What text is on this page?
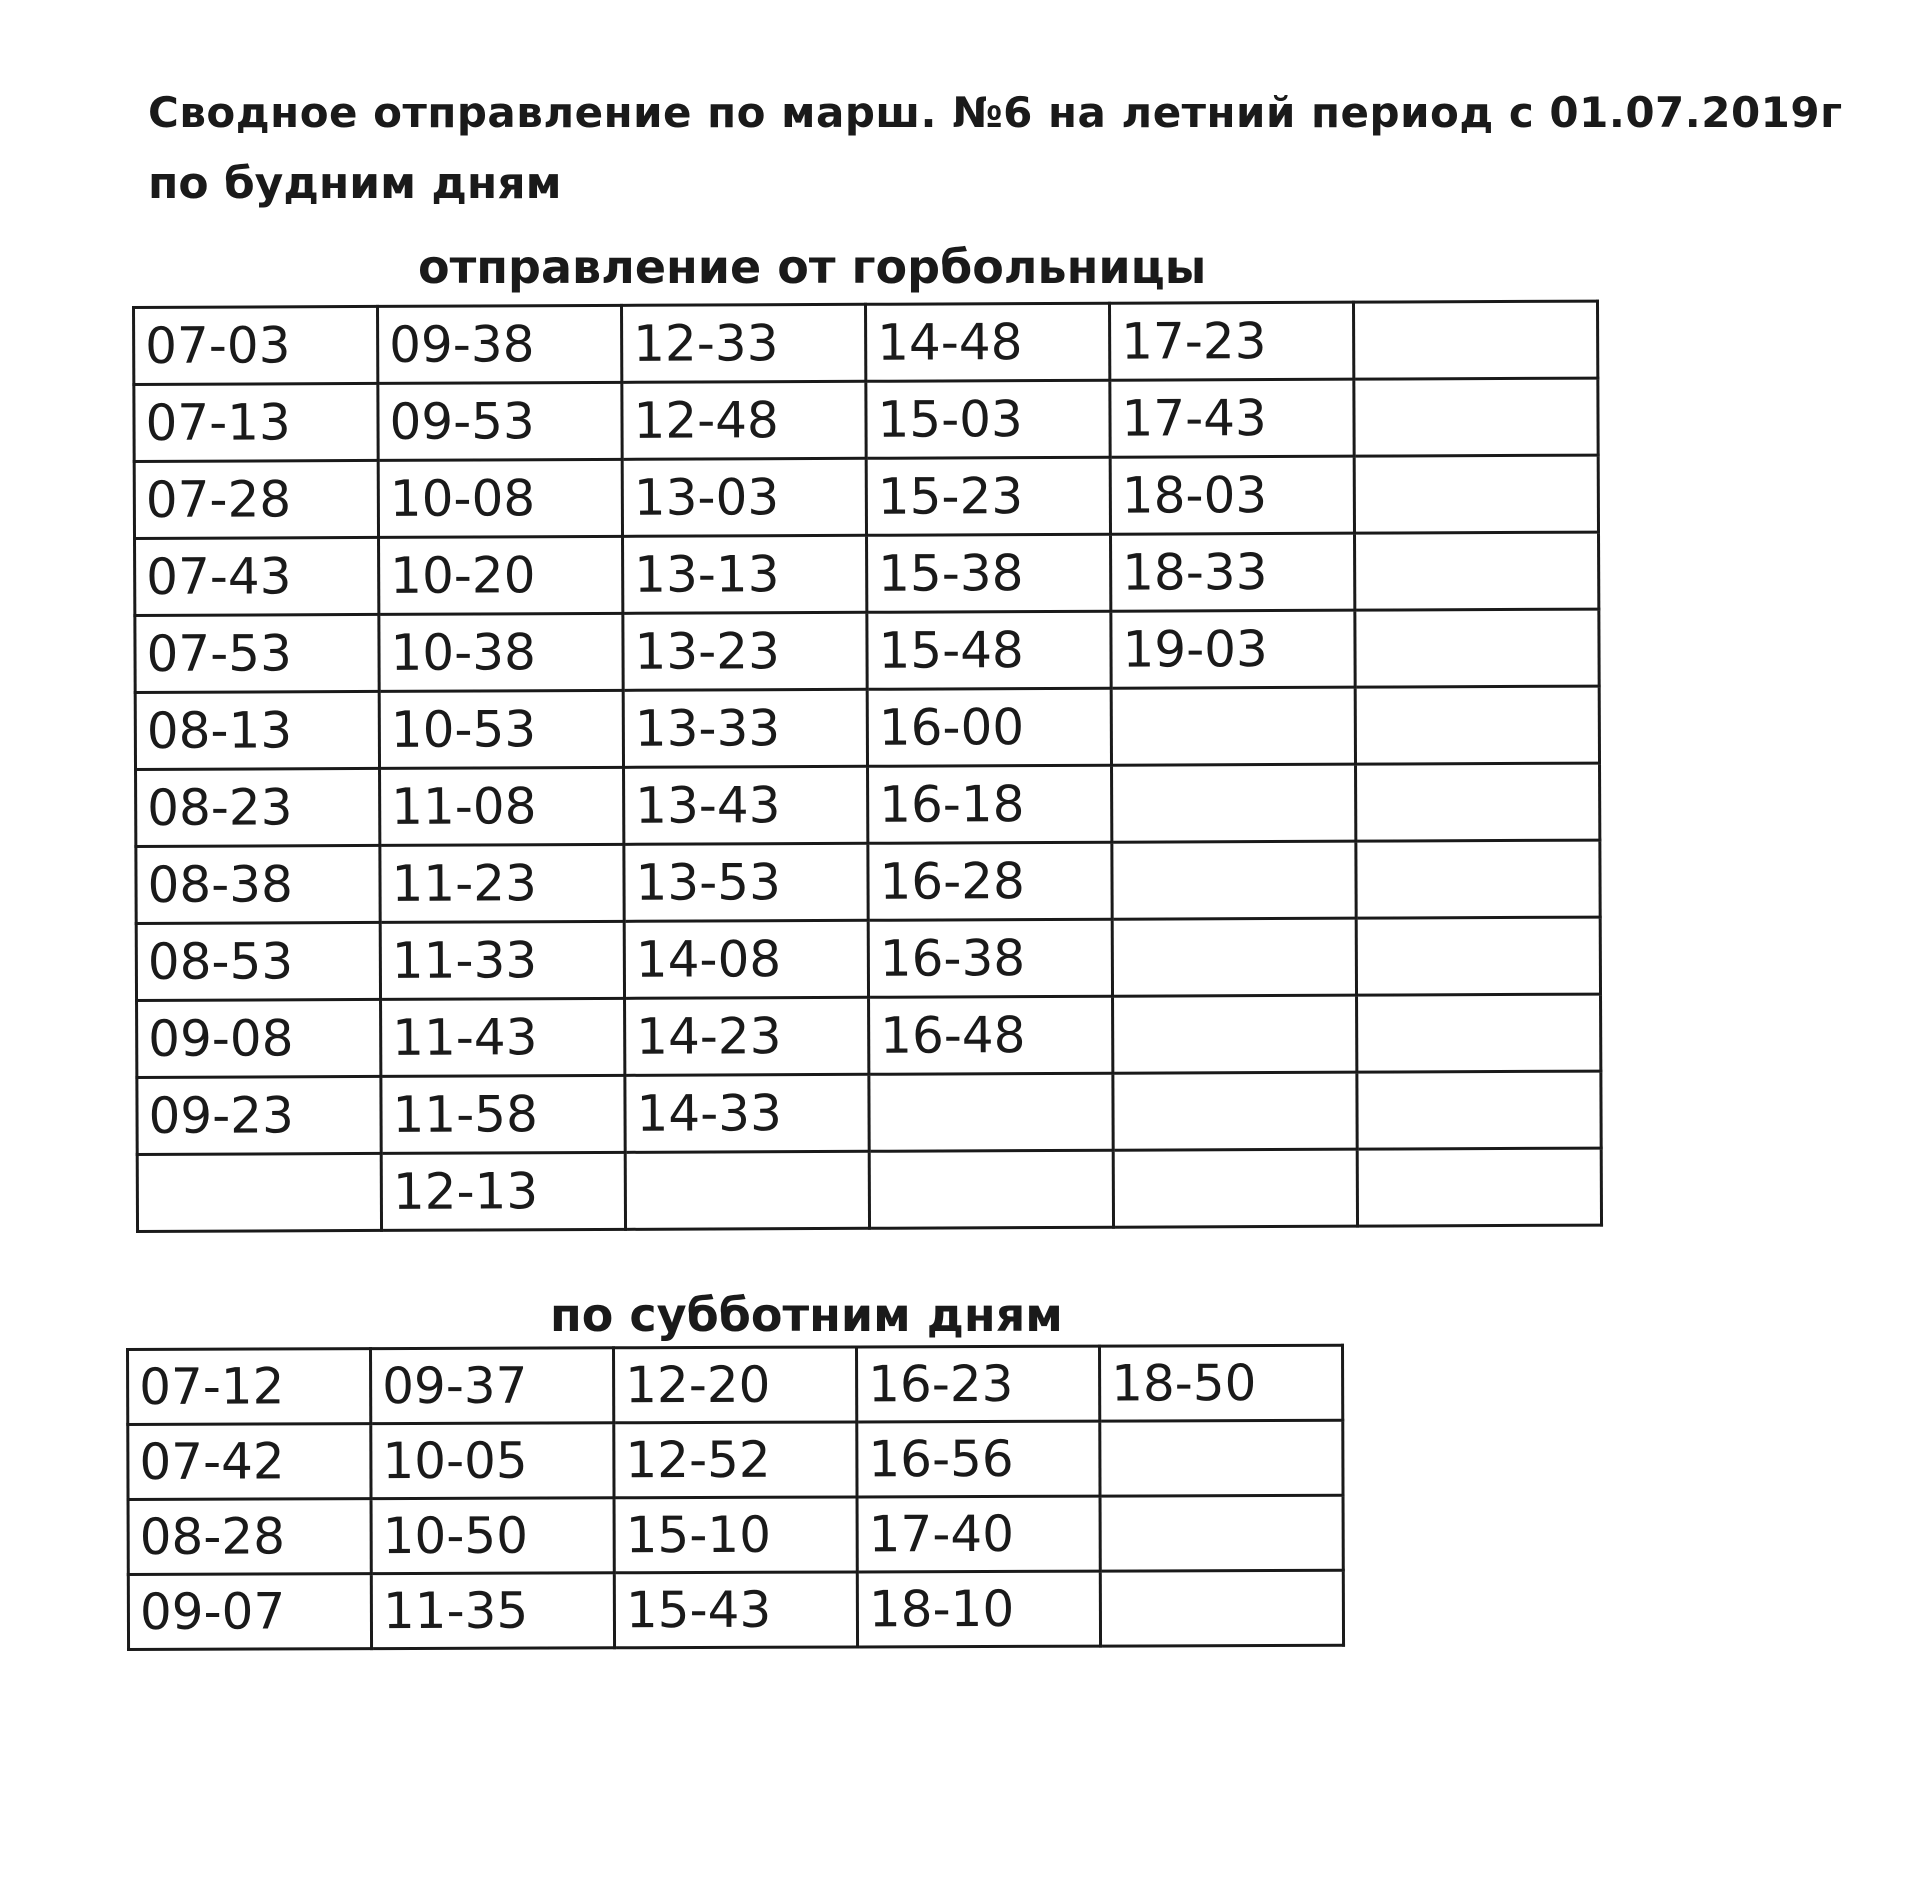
Сводное отправление по марш. №6 на летний период с 01.07.2019г
по будним дням
отправление от горбольницы
07-03	09-38	12-33	14-48	17-23	
07-13	09-53	12-48	15-03	17-43	
07-28	10-08	13-03	15-23	18-03	
07-43	10-20	13-13	15-38	18-33	
07-53	10-38	13-23	15-48	19-03	
08-13	10-53	13-33	16-00		
08-23	11-08	13-43	16-18		
08-38	11-23	13-53	16-28		
08-53	11-33	14-08	16-38		
09-08	11-43	14-23	16-48		
09-23	11-58	14-33			
	12-13				
по субботним дням
07-12	09-37	12-20	16-23	18-50
07-42	10-05	12-52	16-56	
08-28	10-50	15-10	17-40	
09-07	11-35	15-43	18-10	
